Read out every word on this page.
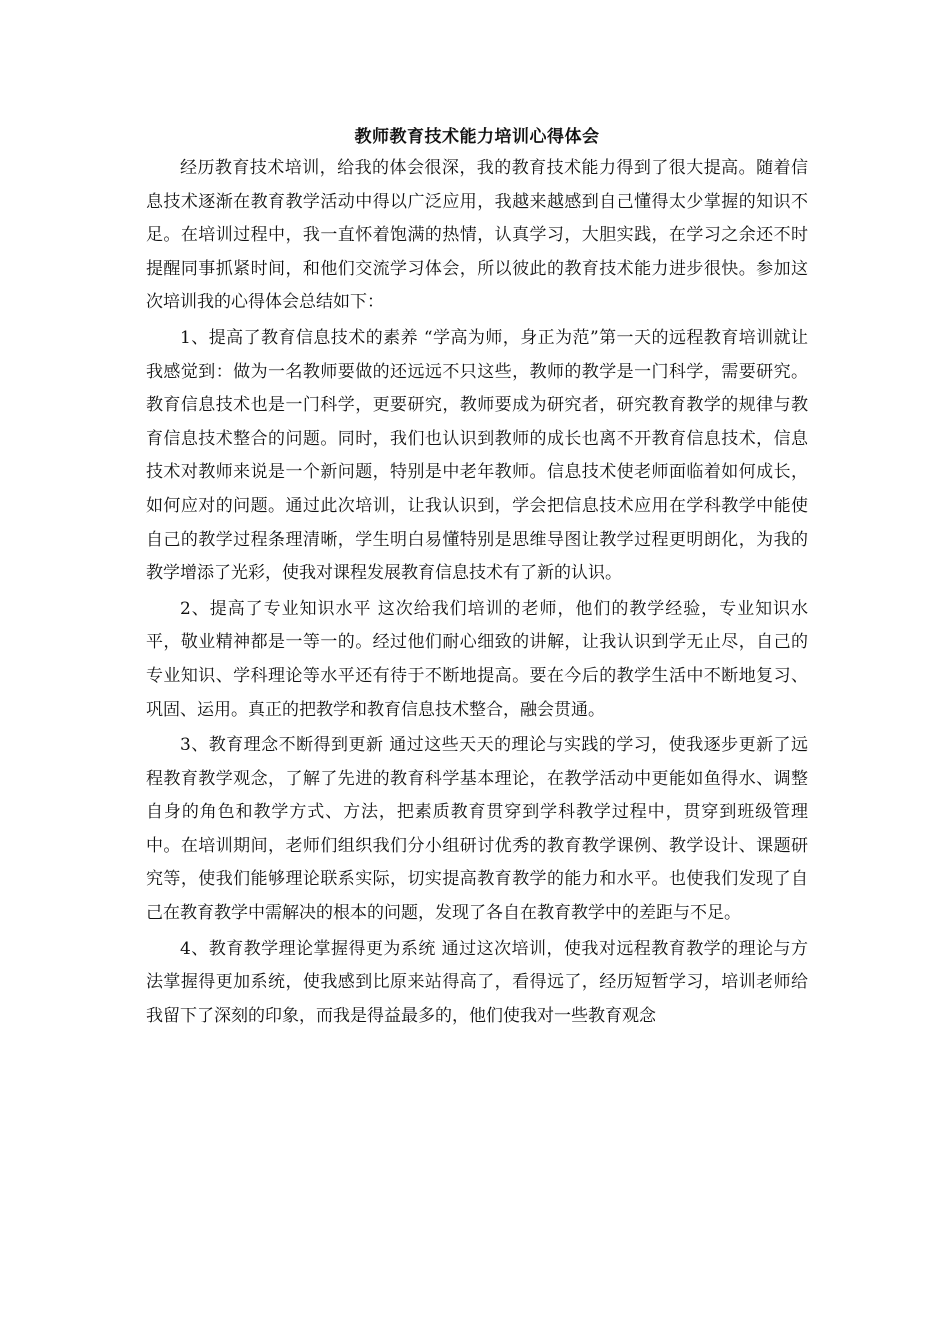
教师教育技术能力培训心得体会

经历教育技术培训，给我的体会很深，我的教育技术能力得到了很大提高。随着信息技术逐渐在教育教学活动中得以广泛应用，我越来越感到自己懂得太少掌握的知识不足。在培训过程中，我一直怀着饱满的热情，认真学习，大胆实践，在学习之余还不时提醒同事抓紧时间，和他们交流学习体会，所以彼此的教育技术能力进步很快。参加这次培训我的心得体会总结如下：

1、提高了教育信息技术的素养 “学高为师，身正为范”第一天的远程教育培训就让我感觉到：做为一名教师要做的还远远不只这些，教师的教学是一门科学，需要研究。教育信息技术也是一门科学，更要研究，教师要成为研究者，研究教育教学的规律与教育信息技术整合的问题。同时，我们也认识到教师的成长也离不开教育信息技术，信息技术对教师来说是一个新问题，特别是中老年教师。信息技术使老师面临着如何成长，如何应对的问题。通过此次培训，让我认识到，学会把信息技术应用在学科教学中能使自己的教学过程条理清晰，学生明白易懂特别是思维导图让教学过程更明朗化，为我的教学增添了光彩，使我对课程发展教育信息技术有了新的认识。

2、提高了专业知识水平 这次给我们培训的老师，他们的教学经验，专业知识水平，敬业精神都是一等一的。经过他们耐心细致的讲解，让我认识到学无止尽，自己的专业知识、学科理论等水平还有待于不断地提高。要在今后的教学生活中不断地复习、巩固、运用。真正的把教学和教育信息技术整合，融会贯通。

3、教育理念不断得到更新 通过这些天天的理论与实践的学习，使我逐步更新了远程教育教学观念，了解了先进的教育科学基本理论，在教学活动中更能如鱼得水、调整自身的角色和教学方式、方法，把素质教育贯穿到学科教学过程中，贯穿到班级管理中。在培训期间，老师们组织我们分小组研讨优秀的教育教学课例、教学设计、课题研究等，使我们能够理论联系实际，切实提高教育教学的能力和水平。也使我们发现了自己在教育教学中需解决的根本的问题，发现了各自在教育教学中的差距与不足。

4、教育教学理论掌握得更为系统 通过这次培训，使我对远程教育教学的理论与方法掌握得更加系统，使我感到比原来站得高了，看得远了，经历短暂学习，培训老师给我留下了深刻的印象，而我是得益最多的，他们使我对一些教育观念
